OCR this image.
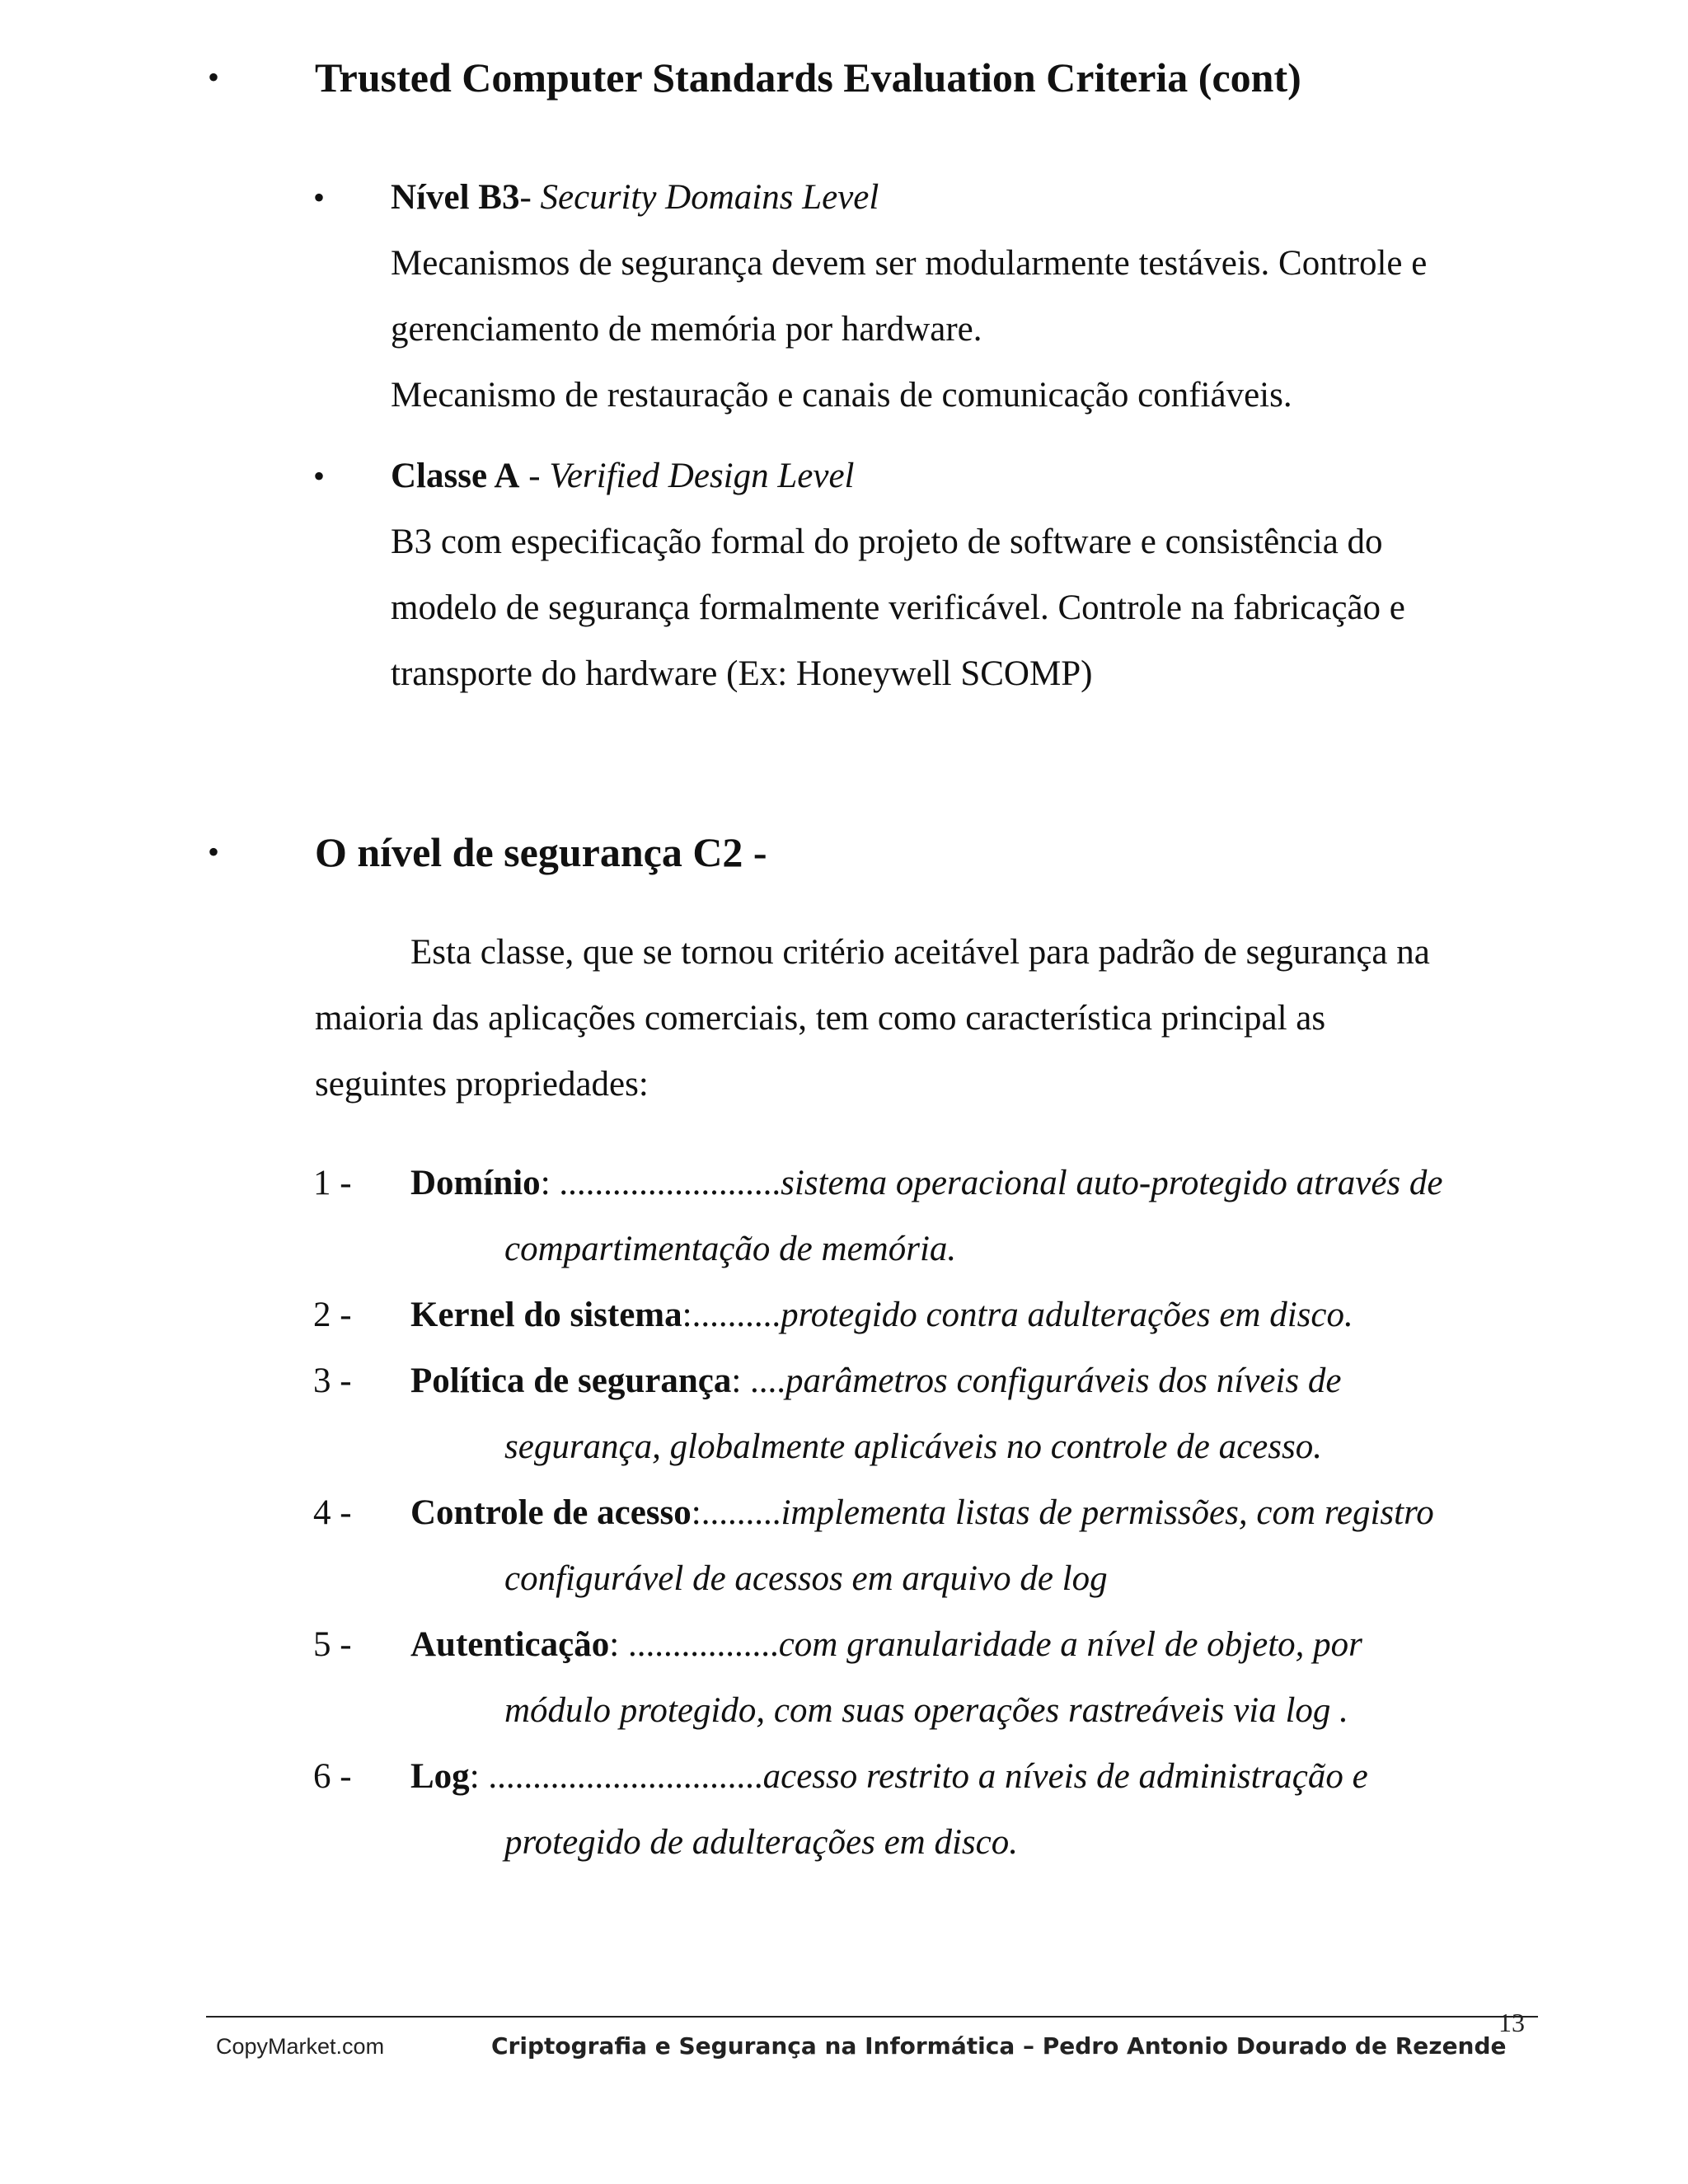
• Trusted Computer Standards Evaluation Criteria (cont)
• Nível B3- Security Domains Level
Mecanismos de segurança devem ser modularmente testáveis. Controle e
gerenciamento de memória por hardware.
Mecanismo de restauração e canais de comunicação confiáveis.
• Classe A - Verified Design Level
B3 com especificação formal do projeto de software e consistência do
modelo de segurança formalmente verificável. Controle na fabricação e
transporte do hardware (Ex: Honeywell SCOMP)
• O nível de segurança C2 -
Esta classe, que se tornou critério aceitável para padrão de segurança na
maioria das aplicações comerciais, tem como característica principal as
seguintes propriedades:
1 - Domínio: .........................sistema operacional auto-protegido através de
compartimentação de memória.
2 - Kernel do sistema:..........protegido contra adulterações em disco.
3 - Política de segurança: ....parâmetros configuráveis dos níveis de
segurança, globalmente aplicáveis no controle de acesso.
4 - Controle de acesso:.........implementa listas de permissões, com registro
configurável de acessos em arquivo de log
5 - Autenticação: .................com granularidade a nível de objeto, por
módulo protegido, com suas operações rastreáveis via log .
6 - Log: ...............................acesso restrito a níveis de administração e
protegido de adulterações em disco.
CopyMarket.com	Criptografia e Segurança na Informática – Pedro Antonio Dourado de Rezende
13
